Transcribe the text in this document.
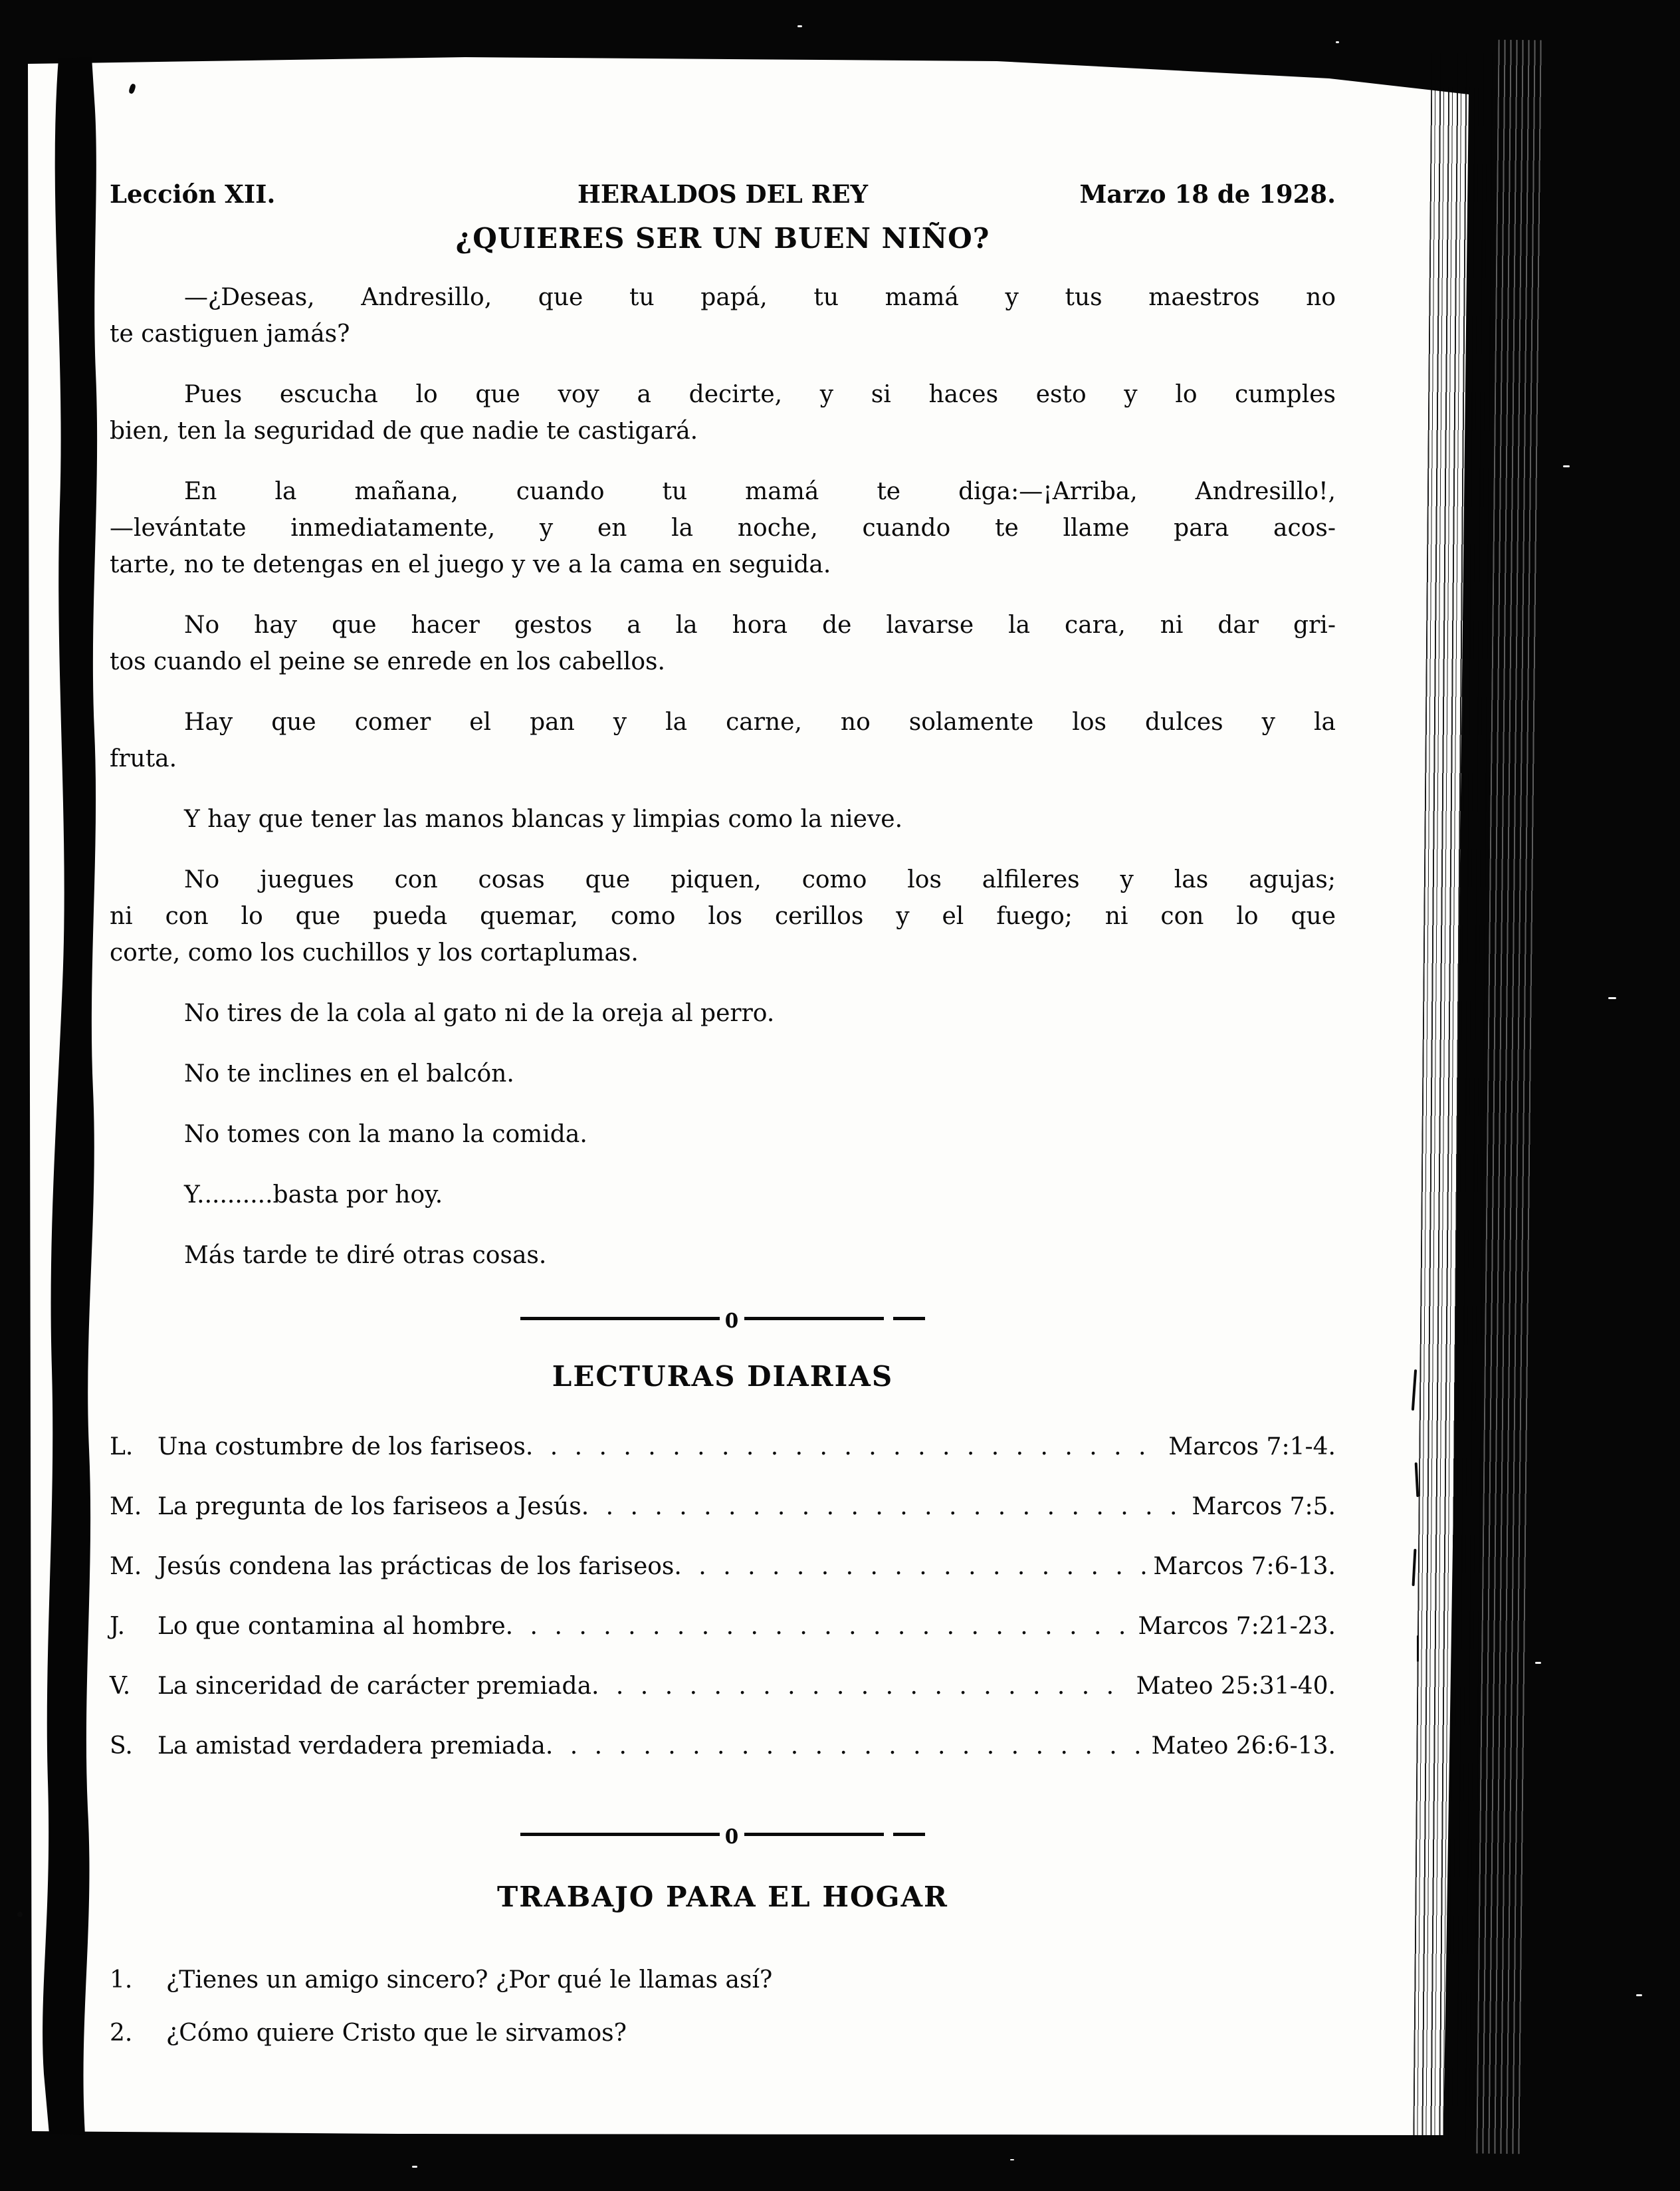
Lección XII.	HERALDOS DEL REY	Marzo 18 de 1928.
¿QUIERES SER UN BUEN NIÑO?
—¿Deseas, Andresillo, que tu papá, tu mamá y tus maestros no
te castiguen jamás?
Pues escucha lo que voy a decirte, y si haces esto y lo cumples
bien, ten la seguridad de que nadie te castigará.
En la mañana, cuando tu mamá te diga:—¡Arriba, Andresillo!,
—levántate inmediatamente, y en la noche, cuando te llame para acos-
tarte, no te detengas en el juego y ve a la cama en seguida.
No hay que hacer gestos a la hora de lavarse la cara, ni dar gri-
tos cuando el peine se enrede en los cabellos.
Hay que comer el pan y la carne, no solamente los dulces y la
fruta.
Y hay que tener las manos blancas y limpias como la nieve.
No juegues con cosas que piquen, como los alfileres y las agujas;
ni con lo que pueda quemar, como los cerillos y el fuego; ni con lo que
corte, como los cuchillos y los cortaplumas.
No tires de la cola al gato ni de la oreja al perro.
No te inclines en el balcón.
No tomes con la mano la comida.
Y..........basta por hoy.
Más tarde te diré otras cosas.
o
LECTURAS DIARIAS
L.	Una costumbre de los fariseos . . .	Marcos 7:1-4.
M. La pregunta de los fariseos a Jesús . . .	Marcos 7:5.
M. Jesús condena las prácticas de los fariseos . . .	Marcos 7:6-13.
J.	Lo que contamina al hombre . . .	Marcos 7:21-23.
V.	La sinceridad de carácter premiada . . .	Mateo 25:31-40.
S.	La amistad verdadera premiada . . .	Mateo 26:6-13.
o
TRABAJO PARA EL HOGAR
1.	¿Tienes un amigo sincero? ¿Por qué le llamas así?
2.	¿Cómo quiere Cristo que le sirvamos?
